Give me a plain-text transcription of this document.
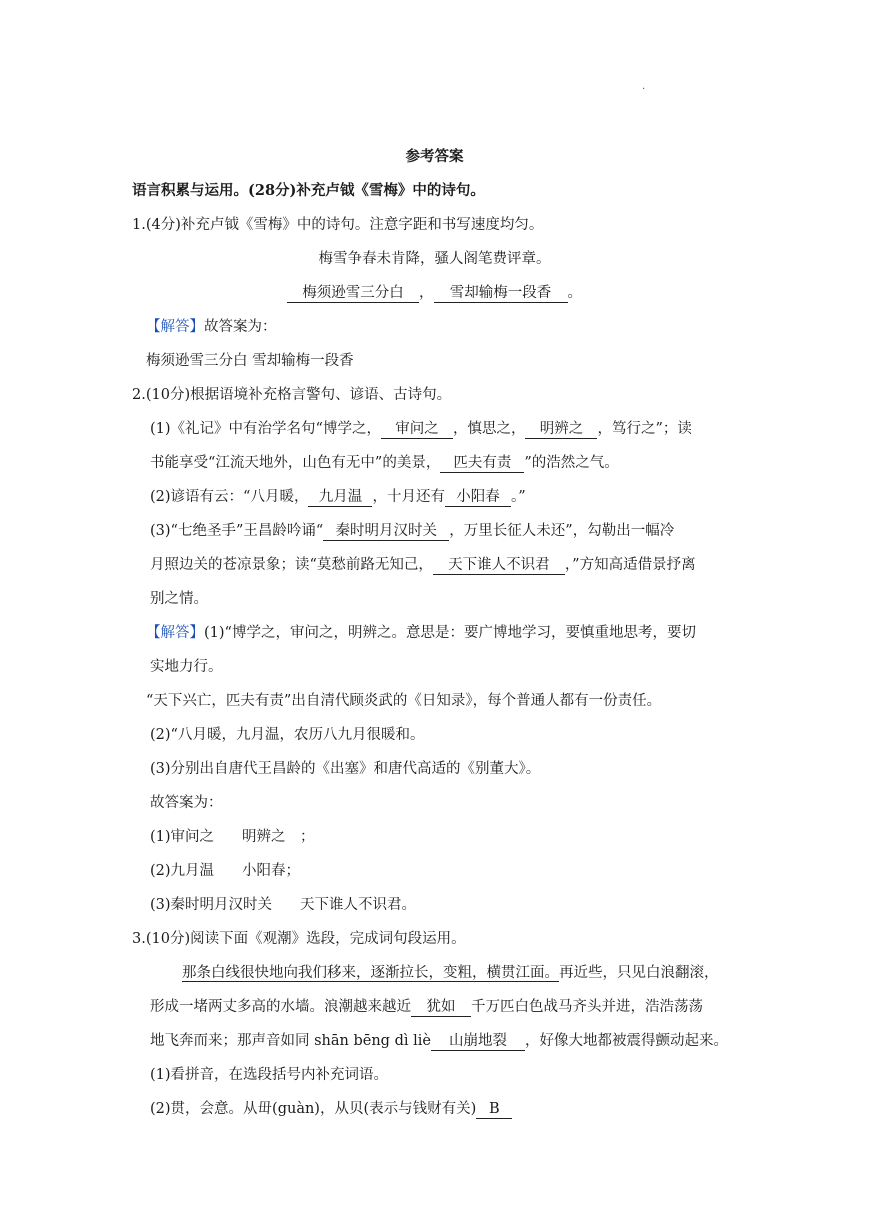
·
参考答案
语言积累与运用。(28分)补充卢钺《雪梅》中的诗句。
1.(4分)补充卢钺《雪梅》中的诗句。注意字距和书写速度均匀。
梅雪争春未肯降，骚人阁笔费评章。
梅须逊雪三分白 ， 雪却输梅一段香 。
【解答】故答案为：
梅须逊雪三分白 雪却输梅一段香
2.(10分)根据语境补充格言警句、谚语、古诗句。
(1)《礼记》中有治学名句“博学之， 审问之 ，慎思之， 明辨之 ，笃行之”；读
书能享受“江流天地外，山色有无中”的美景， 匹夫有责 ”的浩然之气。
(2)谚语有云：“八月暖， 九月温 ，十月还有 小阳春 。”
(3)“七绝圣手”王昌龄吟诵“ 秦时明月汉时关 ，万里长征人未还”，勾勒出一幅冷
月照边关的苍凉景象；读“莫愁前路无知己， 天下谁人不识君 ，”方知高适借景抒离
别之情。
【解答】(1)“博学之，审问之，明辨之。意思是：要广博地学习，要慎重地思考，要切
实地力行。
“天下兴亡，匹夫有责”出自清代顾炎武的《日知录》，每个普通人都有一份责任。
(2)“八月暖，九月温，农历八九月很暖和。
(3)分别出自唐代王昌龄的《出塞》和唐代高适的《别董大》。
故答案为：
(1)审问之 明辨之　；
(2)九月温 小阳春；
(3)秦时明月汉时关 天下谁人不识君。
3.(10分)阅读下面《观潮》选段，完成词句段运用。
那条白线很快地向我们移来，逐渐拉长，变粗，横贯江面。再近些，只见白浪翻滚，
形成一堵两丈多高的水墙。浪潮越来越近 犹如 千万匹白色战马齐头并进，浩浩荡荡
地飞奔而来；那声音如同 shān bēng dì liè 山崩地裂 ，好像大地都被震得颤动起来。
(1)看拼音，在选段括号内补充词语。
(2)贯，会意。从毌(guàn)，从贝(表示与钱财有关) B
